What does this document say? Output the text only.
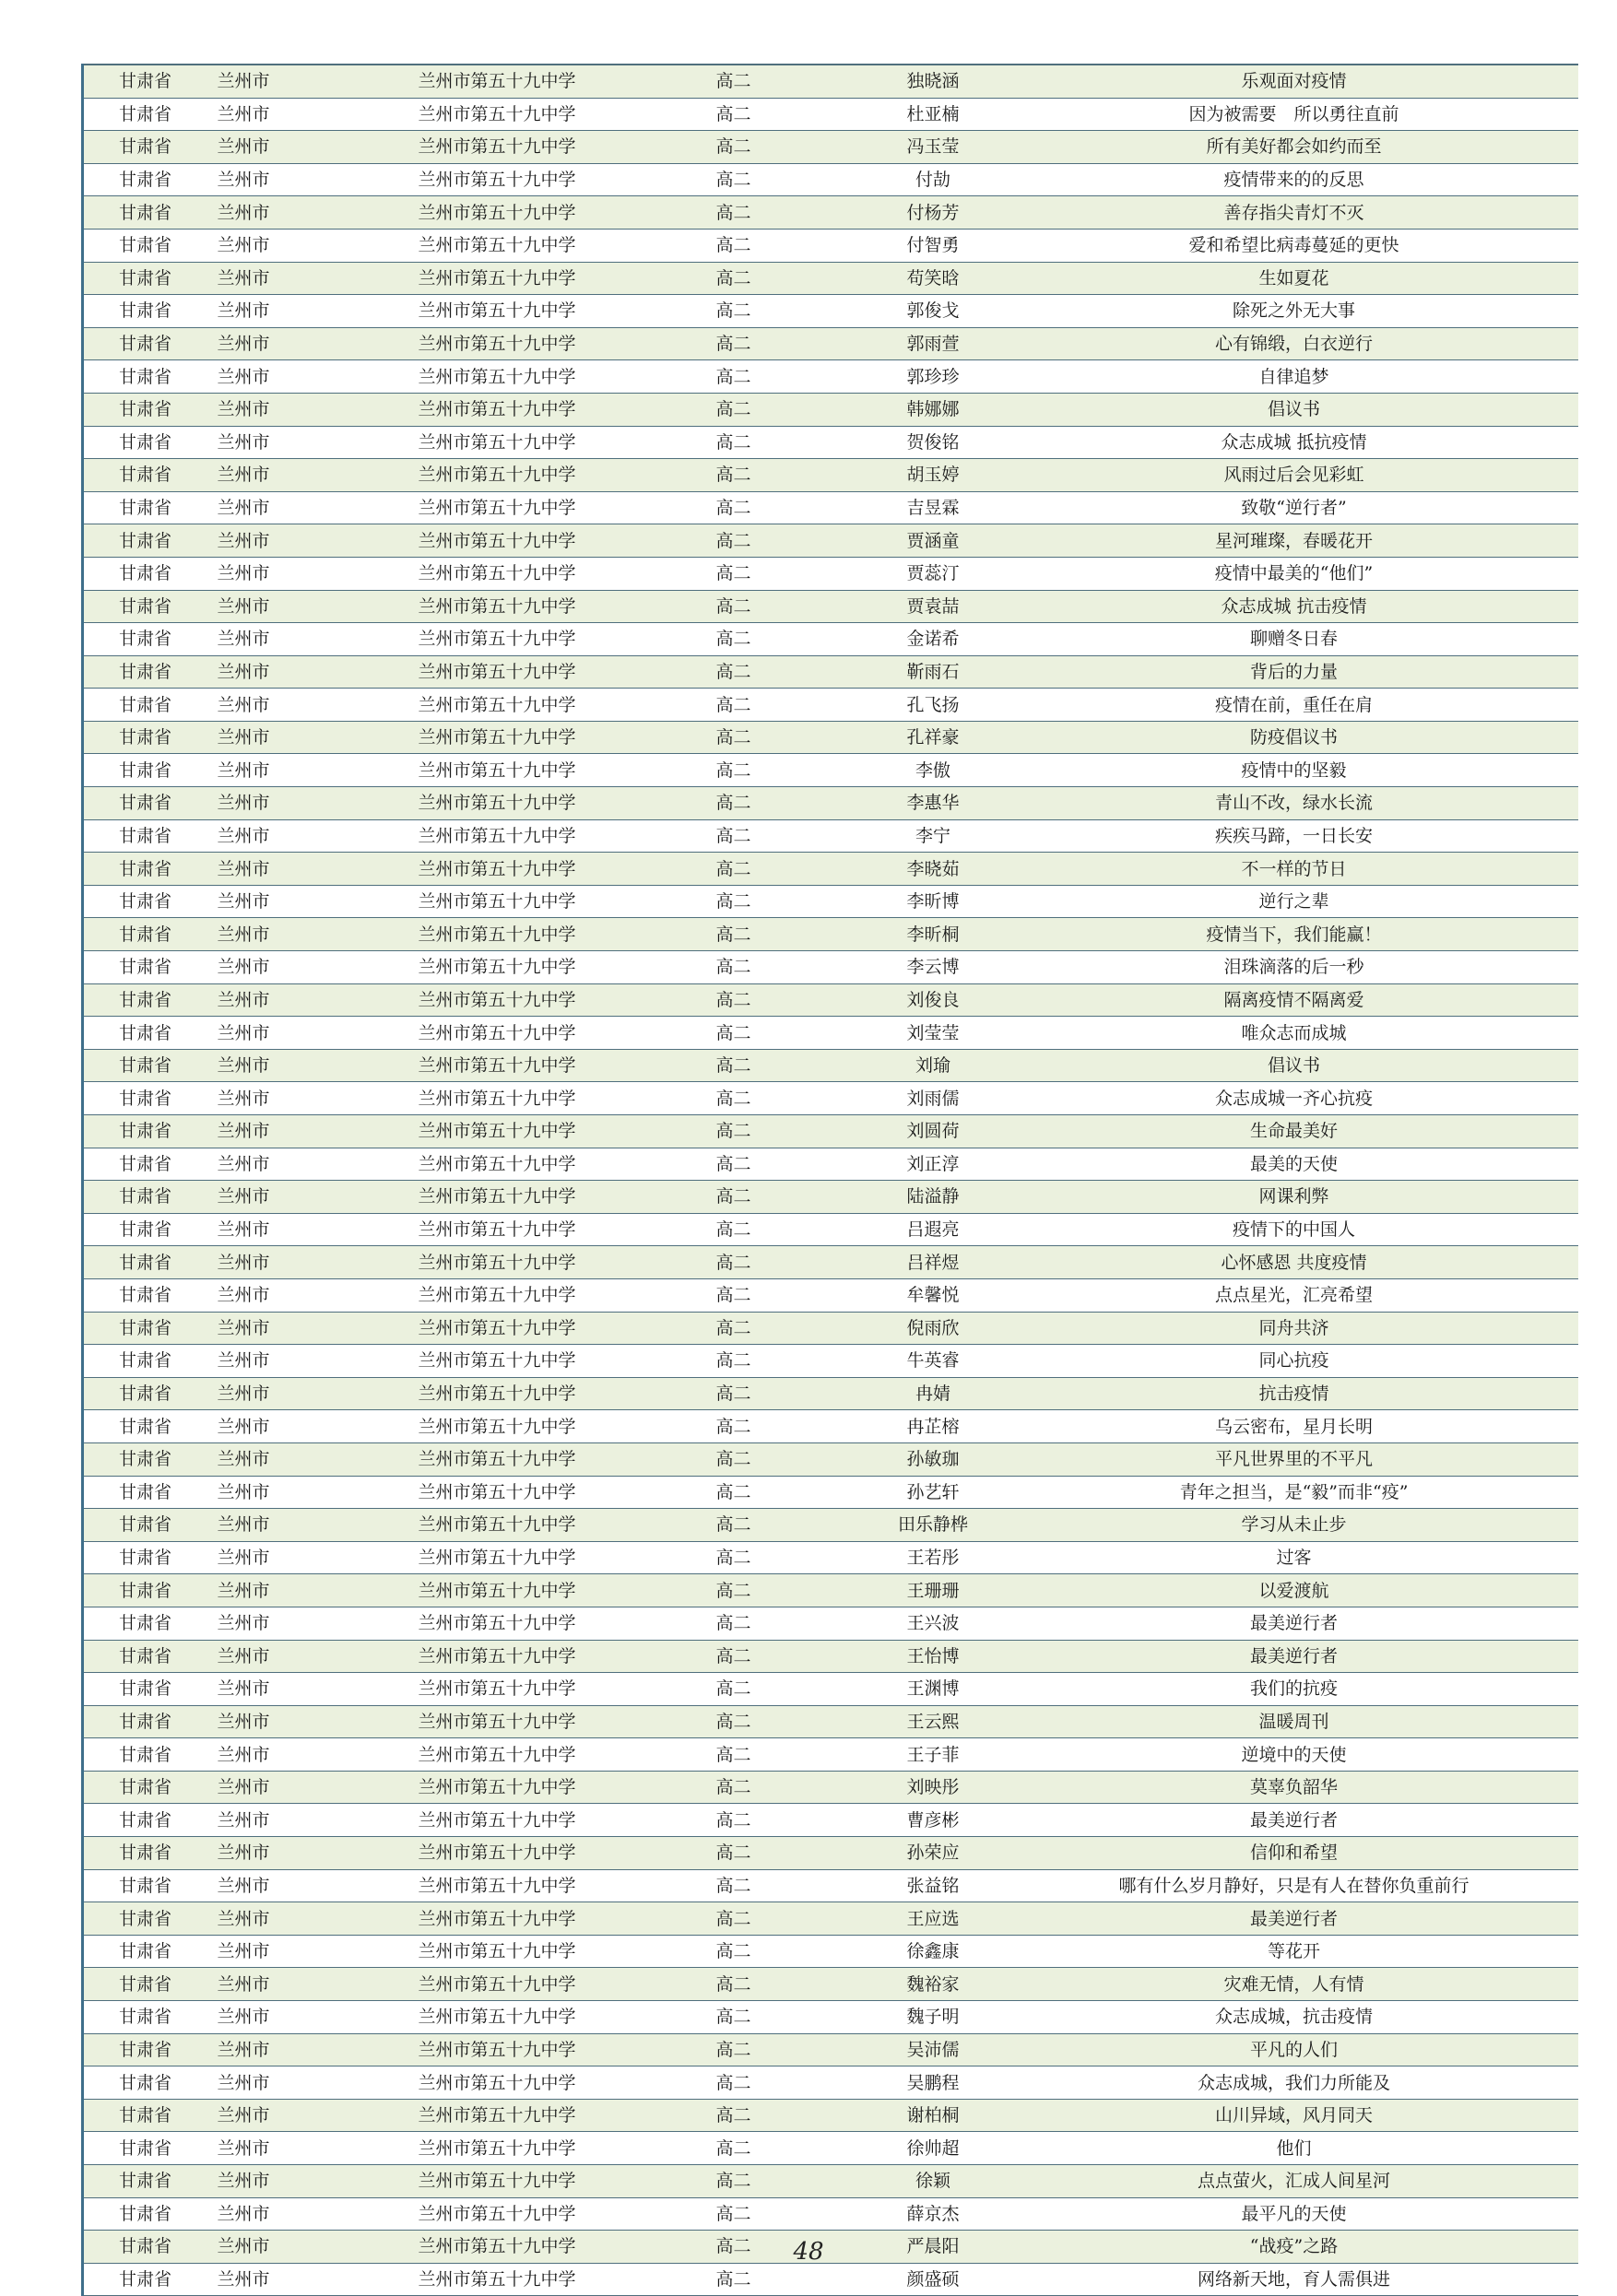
甘肃省	兰州市	兰州市第五十九中学	高二	独晓涵	乐观面对疫情
甘肃省	兰州市	兰州市第五十九中学	高二	杜亚楠	因为被需要　所以勇往直前
甘肃省	兰州市	兰州市第五十九中学	高二	冯玉莹	所有美好都会如约而至
甘肃省	兰州市	兰州市第五十九中学	高二	付劼	疫情带来的的反思
甘肃省	兰州市	兰州市第五十九中学	高二	付杨芳	善存指尖青灯不灭
甘肃省	兰州市	兰州市第五十九中学	高二	付智勇	爱和希望比病毒蔓延的更快
甘肃省	兰州市	兰州市第五十九中学	高二	苟笑晗	生如夏花
甘肃省	兰州市	兰州市第五十九中学	高二	郭俊戈	除死之外无大事
甘肃省	兰州市	兰州市第五十九中学	高二	郭雨萱	心有锦缎，白衣逆行
甘肃省	兰州市	兰州市第五十九中学	高二	郭珍珍	自律追梦
甘肃省	兰州市	兰州市第五十九中学	高二	韩娜娜	倡议书
甘肃省	兰州市	兰州市第五十九中学	高二	贺俊铭	众志成城 抵抗疫情
甘肃省	兰州市	兰州市第五十九中学	高二	胡玉婷	风雨过后会见彩虹
甘肃省	兰州市	兰州市第五十九中学	高二	吉昱霖	致敬“逆行者”
甘肃省	兰州市	兰州市第五十九中学	高二	贾涵童	星河璀璨，春暖花开
甘肃省	兰州市	兰州市第五十九中学	高二	贾蕊汀	疫情中最美的“他们”
甘肃省	兰州市	兰州市第五十九中学	高二	贾袁喆	众志成城 抗击疫情
甘肃省	兰州市	兰州市第五十九中学	高二	金诺希	聊赠冬日春
甘肃省	兰州市	兰州市第五十九中学	高二	靳雨石	背后的力量
甘肃省	兰州市	兰州市第五十九中学	高二	孔飞扬	疫情在前，重任在肩
甘肃省	兰州市	兰州市第五十九中学	高二	孔祥豪	防疫倡议书
甘肃省	兰州市	兰州市第五十九中学	高二	李傲	疫情中的坚毅
甘肃省	兰州市	兰州市第五十九中学	高二	李惠华	青山不改，绿水长流
甘肃省	兰州市	兰州市第五十九中学	高二	李宁	疾疾马蹄，一日长安
甘肃省	兰州市	兰州市第五十九中学	高二	李晓茹	不一样的节日
甘肃省	兰州市	兰州市第五十九中学	高二	李昕博	逆行之辈
甘肃省	兰州市	兰州市第五十九中学	高二	李昕桐	疫情当下，我们能赢！
甘肃省	兰州市	兰州市第五十九中学	高二	李云博	泪珠滴落的后一秒
甘肃省	兰州市	兰州市第五十九中学	高二	刘俊良	隔离疫情不隔离爱
甘肃省	兰州市	兰州市第五十九中学	高二	刘莹莹	唯众志而成城
甘肃省	兰州市	兰州市第五十九中学	高二	刘瑜	倡议书
甘肃省	兰州市	兰州市第五十九中学	高二	刘雨儒	众志成城一齐心抗疫
甘肃省	兰州市	兰州市第五十九中学	高二	刘圆荷	生命最美好
甘肃省	兰州市	兰州市第五十九中学	高二	刘正淳	最美的天使
甘肃省	兰州市	兰州市第五十九中学	高二	陆溢静	网课利弊
甘肃省	兰州市	兰州市第五十九中学	高二	吕遐亮	疫情下的中国人
甘肃省	兰州市	兰州市第五十九中学	高二	吕祥煜	心怀感恩 共度疫情
甘肃省	兰州市	兰州市第五十九中学	高二	牟馨悦	点点星光，汇亮希望
甘肃省	兰州市	兰州市第五十九中学	高二	倪雨欣	同舟共济
甘肃省	兰州市	兰州市第五十九中学	高二	牛英睿	同心抗疫
甘肃省	兰州市	兰州市第五十九中学	高二	冉婧	抗击疫情
甘肃省	兰州市	兰州市第五十九中学	高二	冉芷榕	乌云密布，星月长明
甘肃省	兰州市	兰州市第五十九中学	高二	孙敏珈	平凡世界里的不平凡
甘肃省	兰州市	兰州市第五十九中学	高二	孙艺轩	青年之担当，是“毅”而非“疫”
甘肃省	兰州市	兰州市第五十九中学	高二	田乐静桦	学习从未止步
甘肃省	兰州市	兰州市第五十九中学	高二	王若彤	过客
甘肃省	兰州市	兰州市第五十九中学	高二	王珊珊	以爱渡航
甘肃省	兰州市	兰州市第五十九中学	高二	王兴波	最美逆行者
甘肃省	兰州市	兰州市第五十九中学	高二	王怡博	最美逆行者
甘肃省	兰州市	兰州市第五十九中学	高二	王渊博	我们的抗疫
甘肃省	兰州市	兰州市第五十九中学	高二	王云熙	温暖周刊
甘肃省	兰州市	兰州市第五十九中学	高二	王子菲	逆境中的天使
甘肃省	兰州市	兰州市第五十九中学	高二	刘映彤	莫辜负韶华
甘肃省	兰州市	兰州市第五十九中学	高二	曹彦彬	最美逆行者
甘肃省	兰州市	兰州市第五十九中学	高二	孙荣应	信仰和希望
甘肃省	兰州市	兰州市第五十九中学	高二	张益铭	哪有什么岁月静好，只是有人在替你负重前行
甘肃省	兰州市	兰州市第五十九中学	高二	王应选	最美逆行者
甘肃省	兰州市	兰州市第五十九中学	高二	徐鑫康	等花开
甘肃省	兰州市	兰州市第五十九中学	高二	魏裕家	灾难无情，人有情
甘肃省	兰州市	兰州市第五十九中学	高二	魏子明	众志成城，抗击疫情
甘肃省	兰州市	兰州市第五十九中学	高二	吴沛儒	平凡的人们
甘肃省	兰州市	兰州市第五十九中学	高二	吴鹏程	众志成城，我们力所能及
甘肃省	兰州市	兰州市第五十九中学	高二	谢柏桐	山川异域，风月同天
甘肃省	兰州市	兰州市第五十九中学	高二	徐帅超	他们
甘肃省	兰州市	兰州市第五十九中学	高二	徐颖	点点萤火，汇成人间星河
甘肃省	兰州市	兰州市第五十九中学	高二	薛京杰	最平凡的天使
甘肃省	兰州市	兰州市第五十九中学	高二	严晨阳	“战疫”之路
甘肃省	兰州市	兰州市第五十九中学	高二	颜盛硕	网络新天地，育人需俱进
48
